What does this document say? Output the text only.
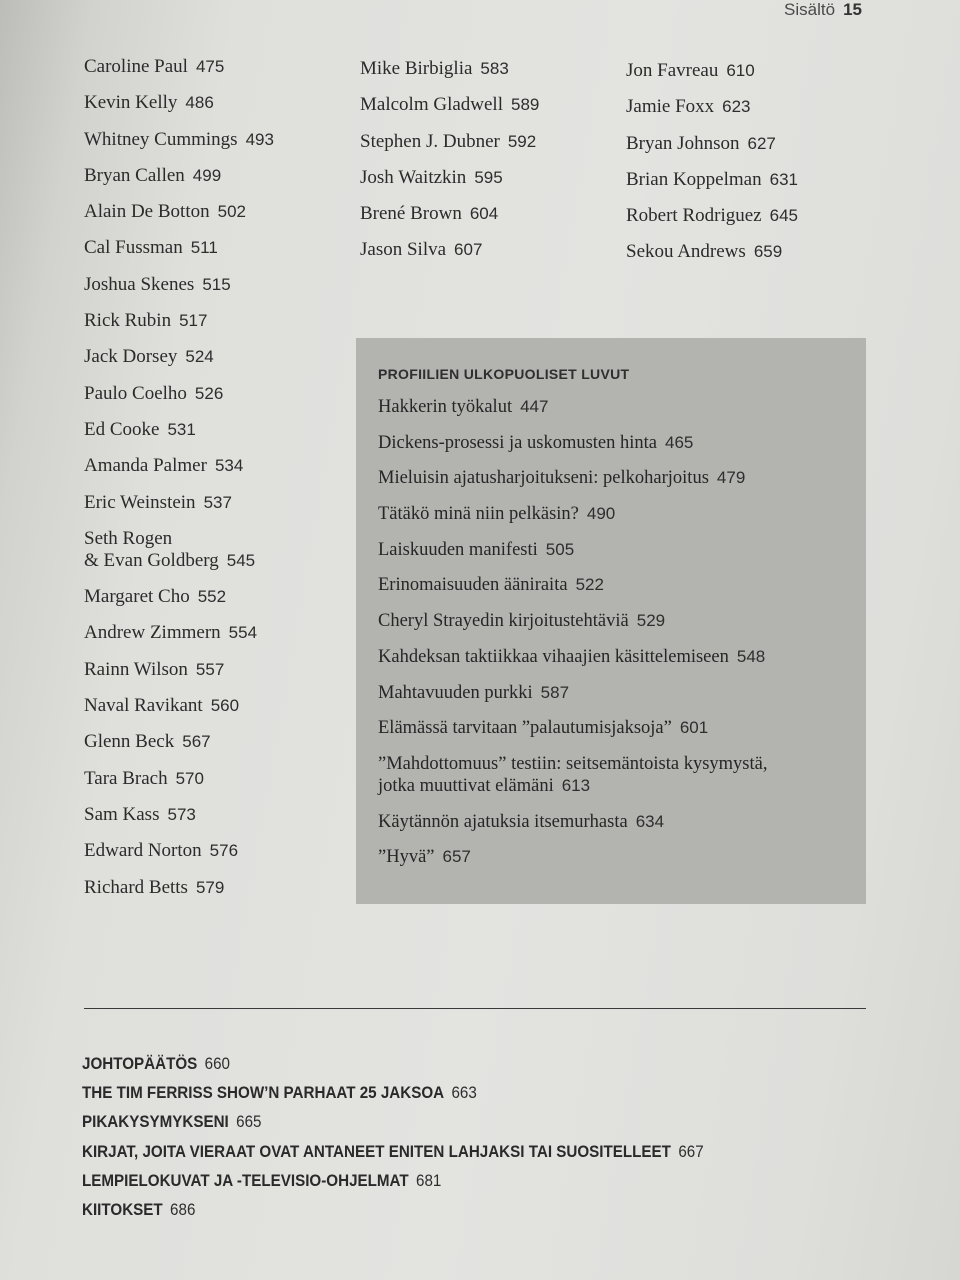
Sisältö 15
Caroline Paul 475
Kevin Kelly 486
Whitney Cummings 493
Bryan Callen 499
Alain De Botton 502
Cal Fussman 511
Joshua Skenes 515
Rick Rubin 517
Jack Dorsey 524
Paulo Coelho 526
Ed Cooke 531
Amanda Palmer 534
Eric Weinstein 537
Seth Rogen
& Evan Goldberg 545
Margaret Cho 552
Andrew Zimmern 554
Rainn Wilson 557
Naval Ravikant 560
Glenn Beck 567
Tara Brach 570
Sam Kass 573
Edward Norton 576
Richard Betts 579
Mike Birbiglia 583
Malcolm Gladwell 589
Stephen J. Dubner 592
Josh Waitzkin 595
Brené Brown 604
Jason Silva 607
Jon Favreau 610
Jamie Foxx 623
Bryan Johnson 627
Brian Koppelman 631
Robert Rodriguez 645
Sekou Andrews 659
PROFIILIEN ULKOPUOLISET LUVUT
Hakkerin työkalut 447
Dickens-prosessi ja uskomusten hinta 465
Mieluisin ajatusharjoitukseni: pelkoharjoitus 479
Tätäkö minä niin pelkäsin? 490
Laiskuuden manifesti 505
Erinomaisuuden ääniraita 522
Cheryl Strayedin kirjoitustehtäviä 529
Kahdeksan taktiikkaa vihaajien käsittelemiseen 548
Mahtavuuden purkki 587
Elämässä tarvitaan ”palautumisjaksoja” 601
”Mahdottomuus” testiin: seitsemäntoista kysymystä,
jotka muuttivat elämäni 613
Käytännön ajatuksia itsemurhasta 634
”Hyvä” 657
JOHTOPÄÄTÖS 660
THE TIM FERRISS SHOW’N PARHAAT 25 JAKSOA 663
PIKAKYSYMYKSENI 665
KIRJAT, JOITA VIERAAT OVAT ANTANEET ENITEN LAHJAKSI TAI SUOSITELLEET 667
LEMPIELOKUVAT JA -TELEVISIO-OHJELMAT 681
KIITOKSET 686
